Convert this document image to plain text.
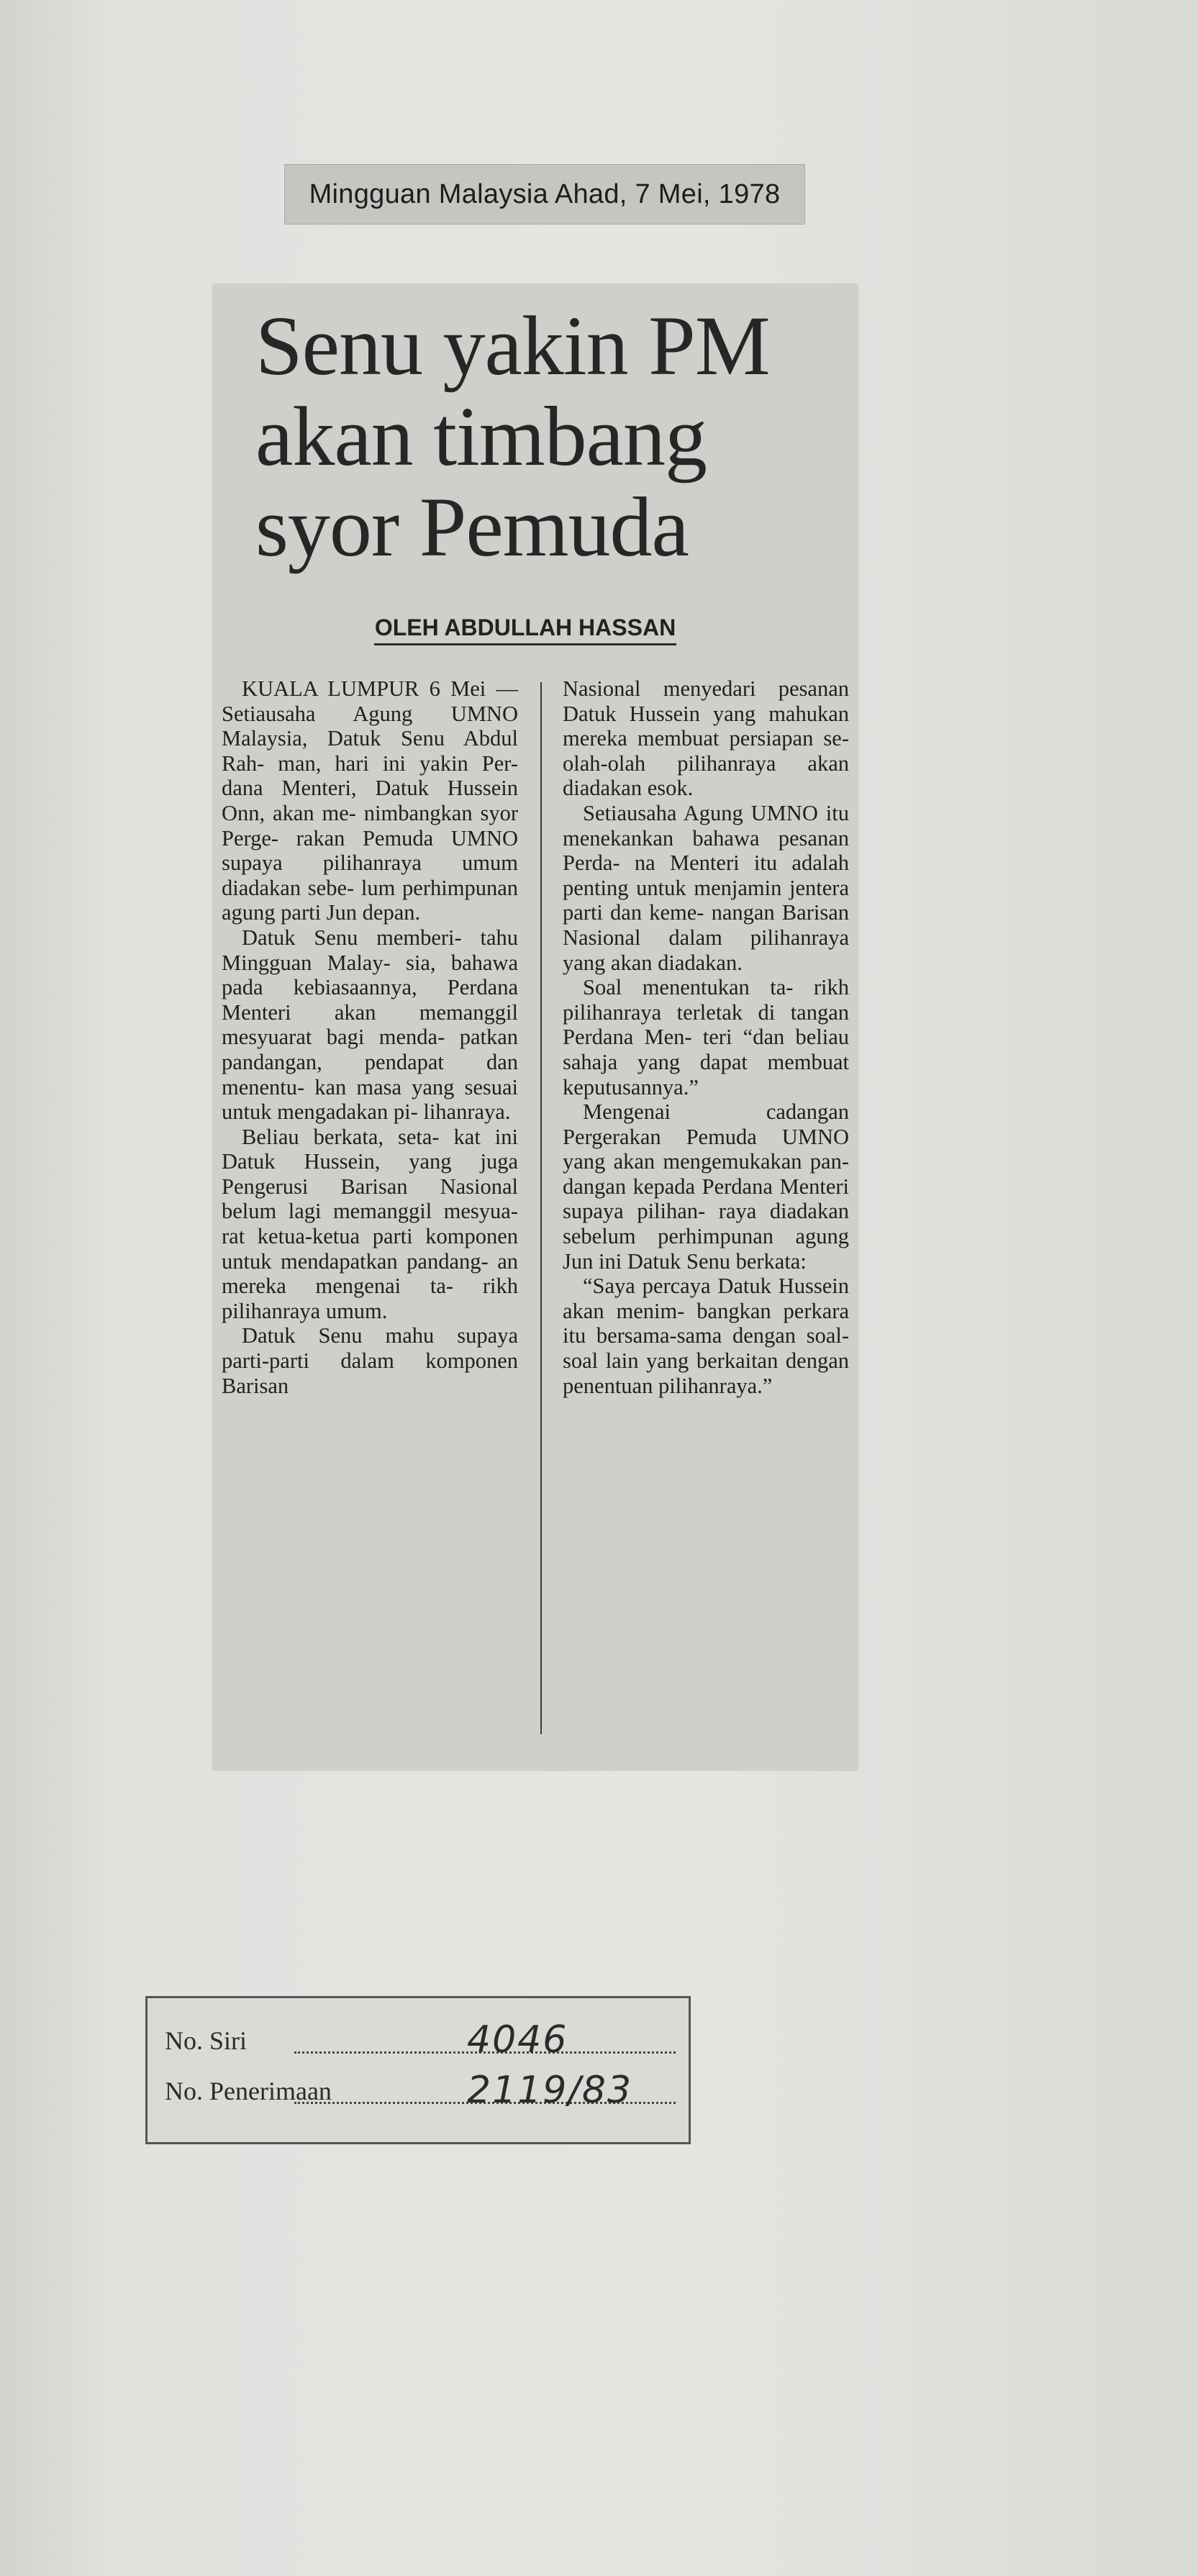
Mingguan Malaysia Ahad, 7 Mei, 1978
Senu yakin PM
akan timbang
syor Pemuda
OLEH ABDULLAH HASSAN

KUALA LUMPUR 6 Mei — Setiausaha Agung UMNO Malaysia, Datuk Senu Abdul Rah- man, hari ini yakin Per- dana Menteri, Datuk Hussein Onn, akan me- nimbangkan syor Perge- rakan Pemuda UMNO supaya pilihanraya umum diadakan sebe- lum perhimpunan agung parti Jun depan.

Datuk Senu memberi- tahu Mingguan Malay- sia, bahawa pada kebiasaannya, Perdana Menteri akan memanggil mesyuarat bagi menda- patkan pandangan, pendapat dan menentu- kan masa yang sesuai untuk mengadakan pi- lihanraya.

Beliau berkata, seta- kat ini Datuk Hussein, yang juga Pengerusi Barisan Nasional belum lagi memanggil mesyua- rat ketua-ketua parti komponen untuk mendapatkan pandang- an mereka mengenai ta- rikh pilihanraya umum.

Datuk Senu mahu supaya parti-parti dalam komponen Barisan

Nasional menyedari pesanan Datuk Hussein yang mahukan mereka membuat persiapan se- olah-olah pilihanraya akan diadakan esok.

Setiausaha Agung UMNO itu menekankan bahawa pesanan Perda- na Menteri itu adalah penting untuk menjamin jentera parti dan keme- nangan Barisan Nasional dalam pilihanraya yang akan diadakan.

Soal menentukan ta- rikh pilihanraya terletak di tangan Perdana Men- teri “dan beliau sahaja yang dapat membuat keputusannya.”

Mengenai cadangan Pergerakan Pemuda UMNO yang akan mengemukakan pan- dangan kepada Perdana Menteri supaya pilihan- raya diadakan sebelum perhimpunan agung Jun ini Datuk Senu berkata:

“Saya percaya Datuk Hussein akan menim- bangkan perkara itu bersama-sama dengan soal-soal lain yang berkaitan dengan penentuan pilihanraya.”

No. Siri	4046
No. Penerimaan	2119/83
